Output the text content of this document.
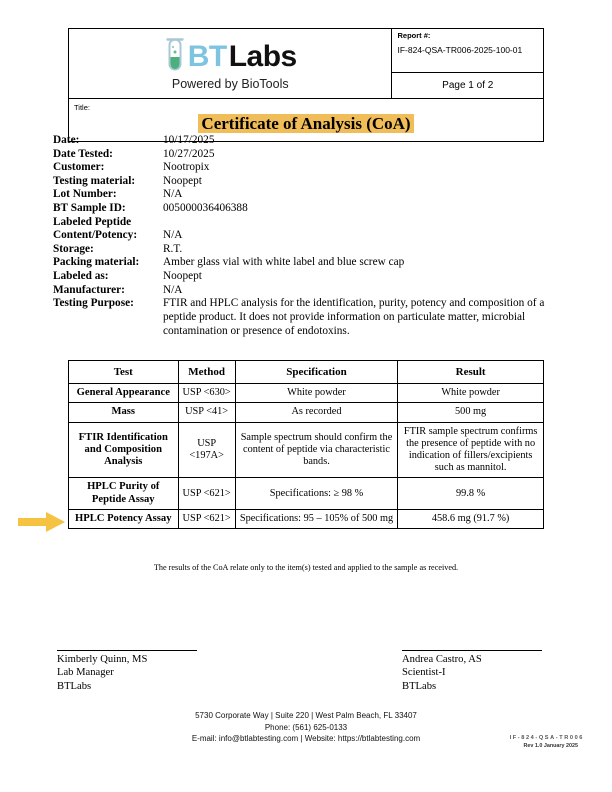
BT Labs
Powered by BioTools

Report #:
IF-824-QSA-TR006-2025-100-01

Page 1 of 2

Title:
Certificate of Analysis (CoA)
Date:	10/17/2025
Date Tested:	10/27/2025
Customer:	Nootropix
Testing material:	Noopept
Lot Number:	N/A
BT Sample ID:	005000036406388
Labeled Peptide
Content/Potency:	N/A
Storage:	R.T.
Packing material:	Amber glass vial with white label and blue screw cap
Labeled as:	Noopept
Manufacturer:	N/A
Testing Purpose:	FTIR and HPLC analysis for the identification, purity, potency and composition of a peptide product. It does not provide information on particulate matter, microbial contamination or presence of endotoxins.
Test	Method	Specification	Result
General Appearance	USP <630>	White powder	White powder
Mass	USP <41>	As recorded	500 mg
FTIR Identification and Composition Analysis	USP <197A>	Sample spectrum should confirm the content of peptide via characteristic bands.	FTIR sample spectrum confirms the presence of peptide with no indication of fillers/excipients such as mannitol.
HPLC Purity of Peptide Assay	USP <621>	Specifications: ≥ 98 %	99.8 %
HPLC Potency Assay	USP <621>	Specifications: 95 – 105% of 500 mg	458.6 mg (91.7 %)
The results of the CoA relate only to the item(s) tested and applied to the sample as received.
Kimberly Quinn, MS
Lab Manager
BTLabs
Andrea Castro, AS
Scientist-I
BTLabs
5730 Corporate Way | Suite 220 | West Palm Beach, FL 33407
Phone: (561) 625-0133
E-mail: info@btlabtesting.com | Website: https://btlabtesting.com	IF-824-QSA-TR006
Rev 1.0 January 2025
